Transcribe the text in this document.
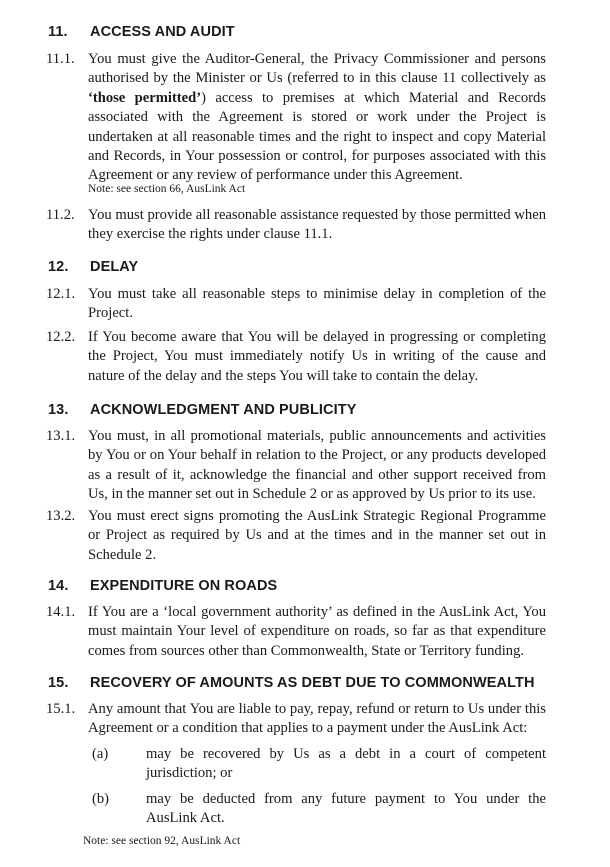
11. ACCESS AND AUDIT
11.1. You must give the Auditor-General, the Privacy Commissioner and persons authorised by the Minister or Us (referred to in this clause 11 collectively as ‘those permitted’) access to premises at which Material and Records associated with the Agreement is stored or work under the Project is undertaken at all reasonable times and the right to inspect and copy Material and Records, in Your possession or control, for purposes associated with this Agreement or any review of performance under this Agreement.
Note: see section 66, AusLink Act
11.2. You must provide all reasonable assistance requested by those permitted when they exercise the rights under clause 11.1.
12. DELAY
12.1. You must take all reasonable steps to minimise delay in completion of the Project.
12.2. If You become aware that You will be delayed in progressing or completing the Project, You must immediately notify Us in writing of the cause and nature of the delay and the steps You will take to contain the delay.
13. ACKNOWLEDGMENT AND PUBLICITY
13.1. You must, in all promotional materials, public announcements and activities by You or on Your behalf in relation to the Project, or any products developed as a result of it, acknowledge the financial and other support received from Us, in the manner set out in Schedule 2 or as approved by Us prior to its use.
13.2. You must erect signs promoting the AusLink Strategic Regional Programme or Project as required by Us and at the times and in the manner set out in Schedule 2.
14. EXPENDITURE ON ROADS
14.1. If You are a ‘local government authority’ as defined in the AusLink Act, You must maintain Your level of expenditure on roads, so far as that expenditure comes from sources other than Commonwealth, State or Territory funding.
15. RECOVERY OF AMOUNTS AS DEBT DUE TO COMMONWEALTH
15.1. Any amount that You are liable to pay, repay, refund or return to Us under this Agreement or a condition that applies to a payment under the AusLink Act:
(a)	may be recovered by Us as a debt in a court of competent jurisdiction; or
(b)	may be deducted from any future payment to You under the AusLink Act.
Note: see section 92, AusLink Act
